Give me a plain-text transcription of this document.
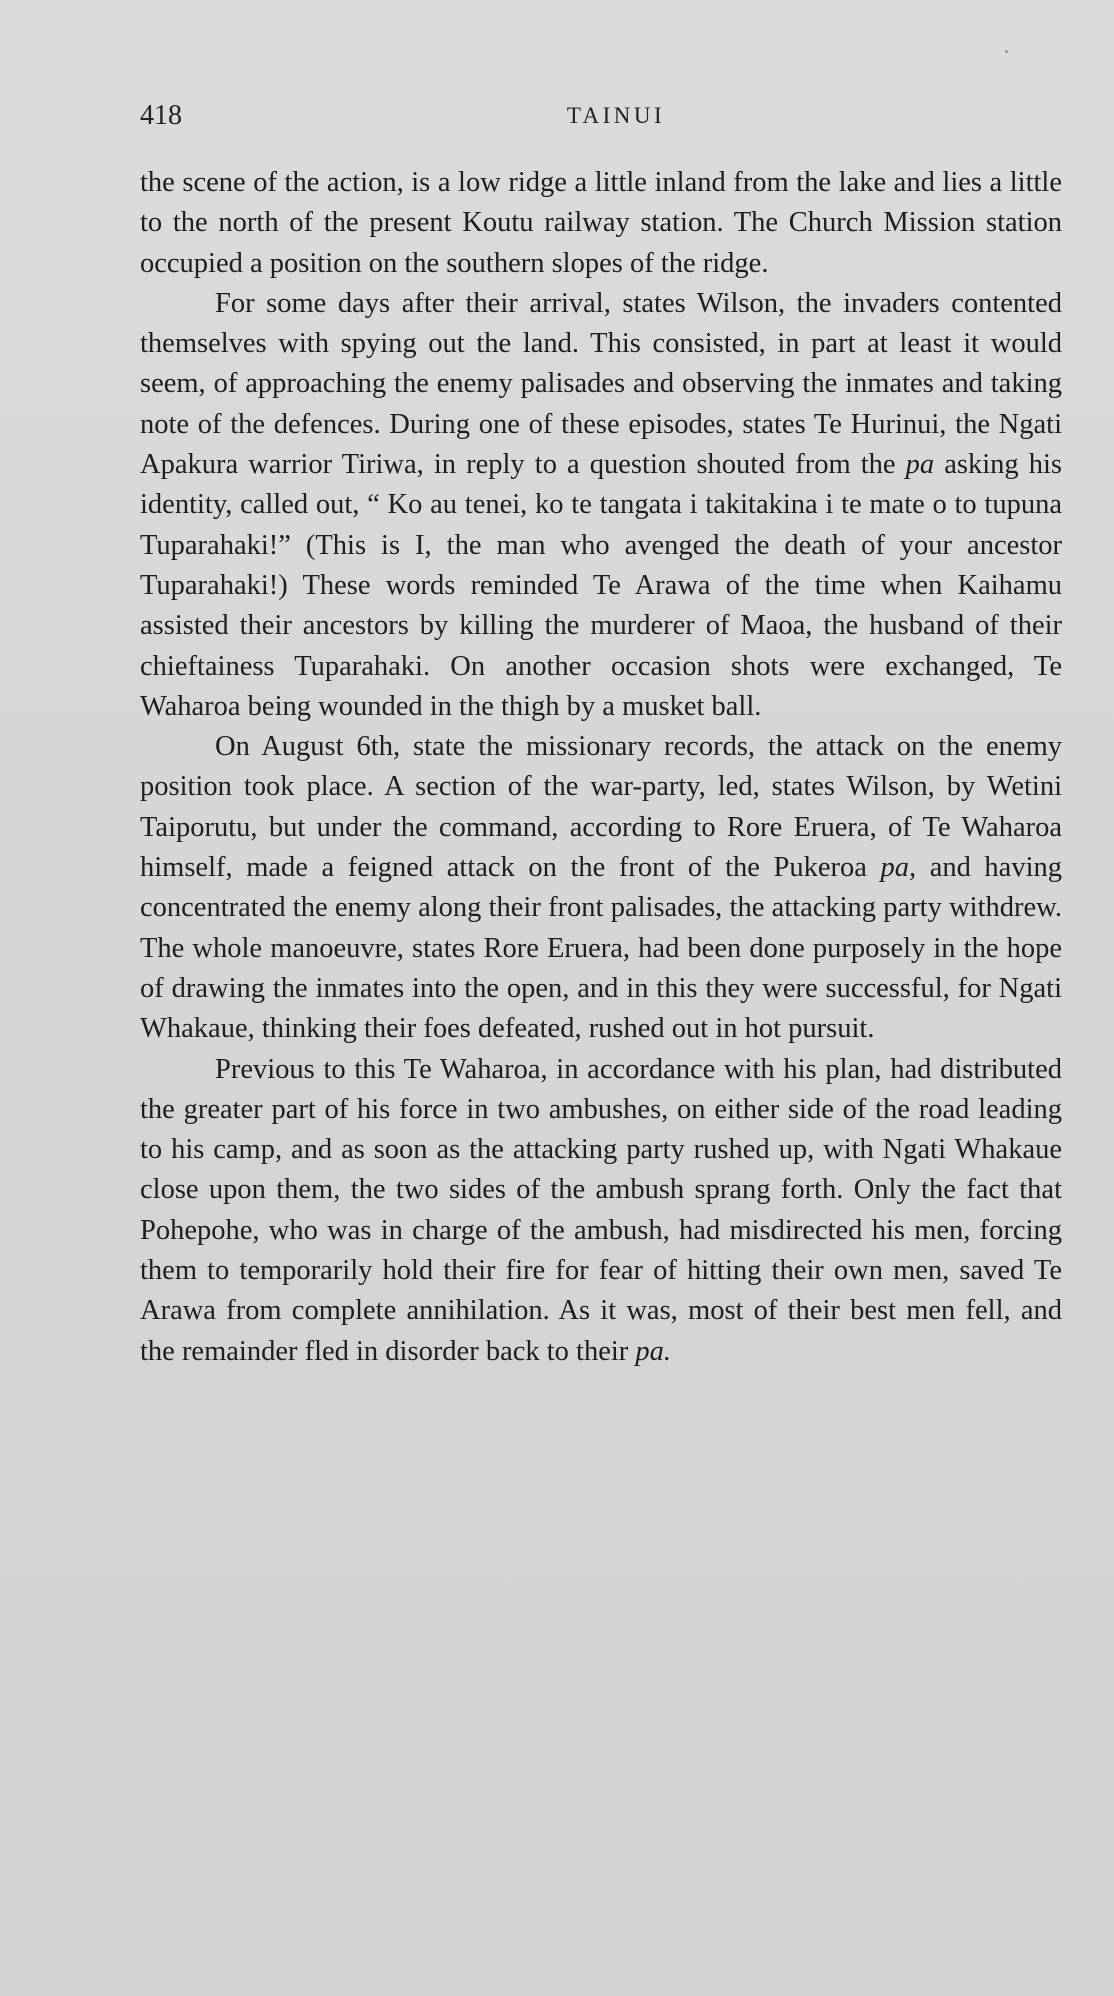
418	TAINUI

the scene of the action, is a low ridge a little inland from the lake and lies a little to the north of the present Koutu railway station. The Church Mission station occupied a position on the southern slopes of the ridge.

For some days after their arrival, states Wilson, the invaders contented themselves with spying out the land. This consisted, in part at least it would seem, of approaching the enemy palisades and observing the inmates and taking note of the defences. During one of these episodes, states Te Hurinui, the Ngati Apakura warrior Tiriwa, in reply to a question shouted from the pa asking his identity, called out, “ Ko au tenei, ko te tangata i takitakina i te mate o to tupuna Tuparahaki!” (This is I, the man who avenged the death of your ancestor Tuparahaki!) These words reminded Te Arawa of the time when Kaihamu assisted their ancestors by killing the murderer of Maoa, the husband of their chieftainess Tuparahaki. On another occasion shots were exchanged, Te Waharoa being wounded in the thigh by a musket ball.

On August 6th, state the missionary records, the attack on the enemy position took place. A section of the war-party, led, states Wilson, by Wetini Taiporutu, but under the command, according to Rore Eruera, of Te Waharoa himself, made a feigned attack on the front of the Pukeroa pa, and having concentrated the enemy along their front palisades, the attacking party withdrew. The whole manoeuvre, states Rore Eruera, had been done purposely in the hope of drawing the inmates into the open, and in this they were successful, for Ngati Whakaue, thinking their foes defeated, rushed out in hot pursuit.

Previous to this Te Waharoa, in accordance with his plan, had distributed the greater part of his force in two ambushes, on either side of the road leading to his camp, and as soon as the attacking party rushed up, with Ngati Whakaue close upon them, the two sides of the ambush sprang forth. Only the fact that Pohepohe, who was in charge of the ambush, had misdirected his men, forcing them to temporarily hold their fire for fear of hitting their own men, saved Te Arawa from complete annihilation. As it was, most of their best men fell, and the remainder fled in disorder back to their pa.
